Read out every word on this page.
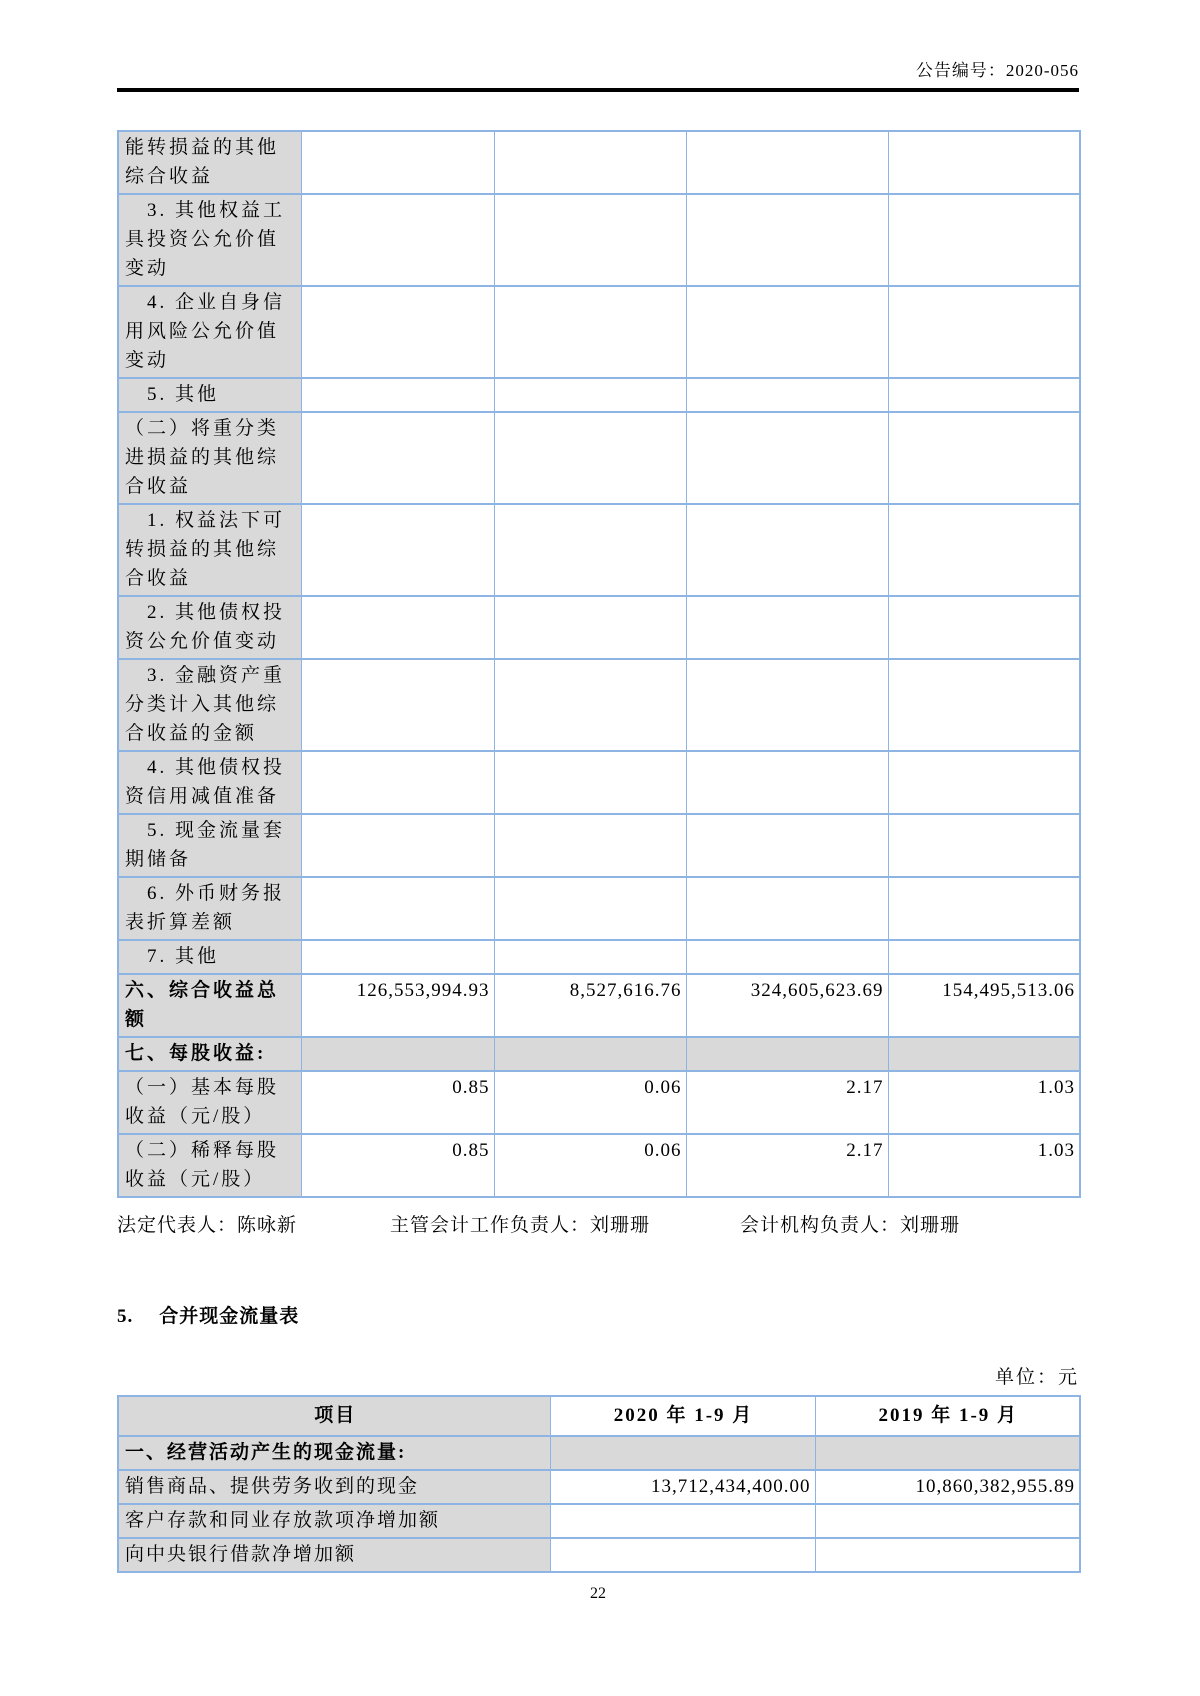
公告编号：2020-056
能转损益的其他综合收益				
　3. 其他权益工具投资公允价值变动				
　4. 企业自身信用风险公允价值变动				
　5. 其他				
（二）将重分类进损益的其他综合收益				
　1. 权益法下可转损益的其他综合收益				
　2. 其他债权投资公允价值变动				
　3. 金融资产重分类计入其他综合收益的金额				
　4. 其他债权投资信用减值准备				
　5. 现金流量套期储备				
　6. 外币财务报表折算差额				
　7. 其他				
六、综合收益总额	126,553,994.93	8,527,616.76	324,605,623.69	154,495,513.06
七、每股收益:				
（一）基本每股收益（元/股）	0.85	0.06	2.17	1.03
（二）稀释每股收益（元/股）	0.85	0.06	2.17	1.03
法定代表人：陈咏新	主管会计工作负责人：刘珊珊	会计机构负责人：刘珊珊
5. 合并现金流量表
单位：元
项目	2020 年 1-9 月	2019 年 1-9 月
一、经营活动产生的现金流量:		
销售商品、提供劳务收到的现金	13,712,434,400.00	10,860,382,955.89
客户存款和同业存放款项净增加额		
向中央银行借款净增加额		
22
